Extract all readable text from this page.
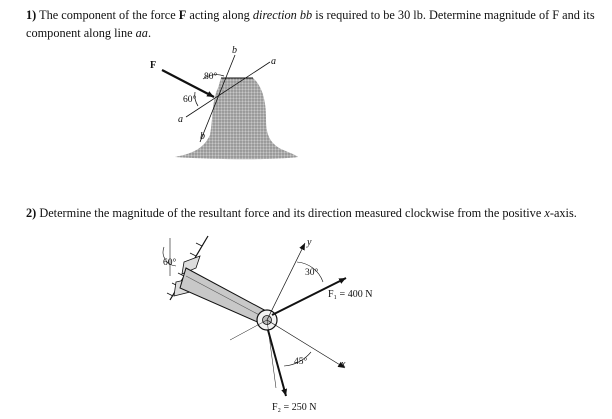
1) The component of the force F acting along direction bb is required to be 30 lb. Determine magnitude of F and its component along line aa.
2) Determine the magnitude of the resultant force and its direction measured clockwise from the positive x-axis.
F
b
a
a
b
80°
60°
60°
y
x
30°
45°
F₁ = 400 N
F₂ = 250 N
